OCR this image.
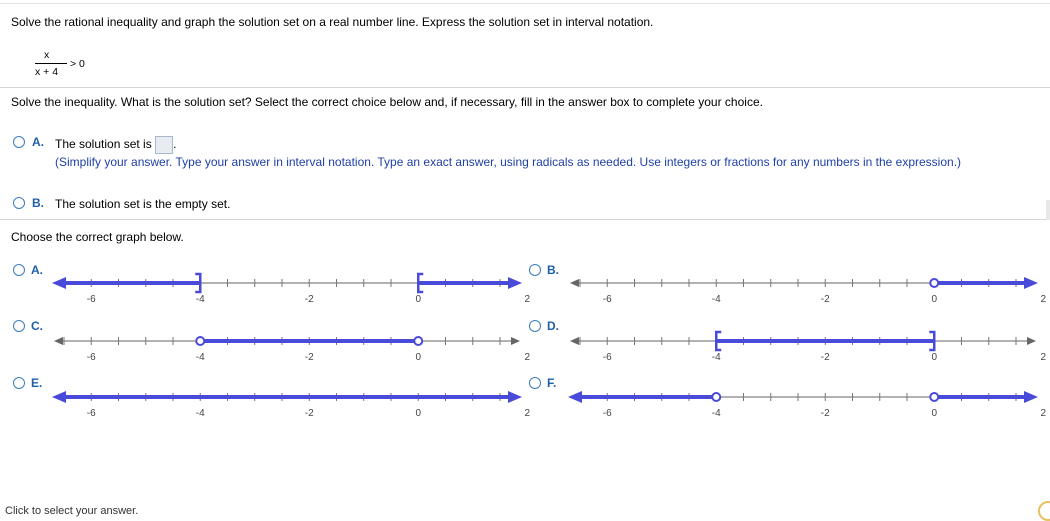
Solve the rational inequality and graph the solution set on a real number line. Express the solution set in interval notation.
x
x + 4
> 0
Solve the inequality. What is the solution set? Select the correct choice below and, if necessary, fill in the answer box to complete your choice.
A. The solution set is .
(Simplify your answer. Type your answer in interval notation. Type an exact answer, using radicals as needed. Use integers or fractions for any numbers in the expression.)
B. The solution set is the empty set.
Choose the correct graph below.
A.	B.
C.	D.
E.	F.
-6	-4	-2	0	2	-6	-4	-2	0	2
-6	-4	-2	0	2	-6	-4	-2	0	2
-6	-4	-2	0	2	-6	-4	-2	0	2
Click to select your answer.
